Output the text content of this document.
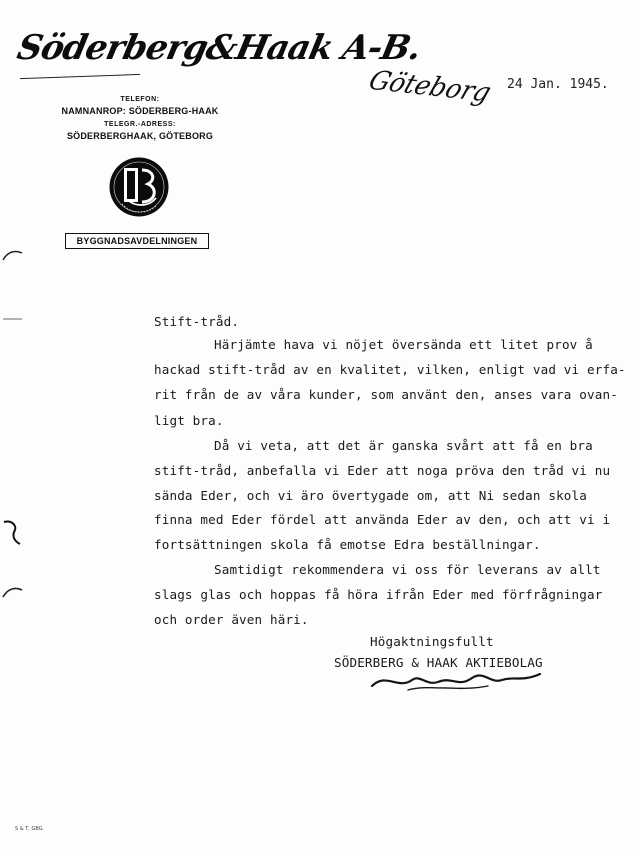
Söderberg&Haak A-B.
TELEFON:
NAMNANROP: SÖDERBERG-HAAK
TELEGR.-ADRESS:
SÖDERBERGHAAK, GÖTEBORG
BYGGNADSAVDELNINGEN
Göteborg 24 Jan. 1945.
Stift-tråd.
Härjämte hava vi nöjet översända ett litet prov å
hackad stift-tråd av en kvalitet, vilken, enligt vad vi erfa-
rit från de av våra kunder, som använt den, anses vara ovan-
ligt bra.
Då vi veta, att det är ganska svårt att få en bra
stift-tråd, anbefalla vi Eder att noga pröva den tråd vi nu
sända Eder, och vi äro övertygade om, att Ni sedan skola
finna med Eder fördel att använda Eder av den, och att vi i
fortsättningen skola få emotse Edra beställningar.
Samtidigt rekommendera vi oss för leverans av allt
slags glas och hoppas få höra ifrån Eder med förfrågningar
och order även häri.
Högaktningsfullt
SÖDERBERG & HAAK AKTIEBOLAG
S & T, GBG.
